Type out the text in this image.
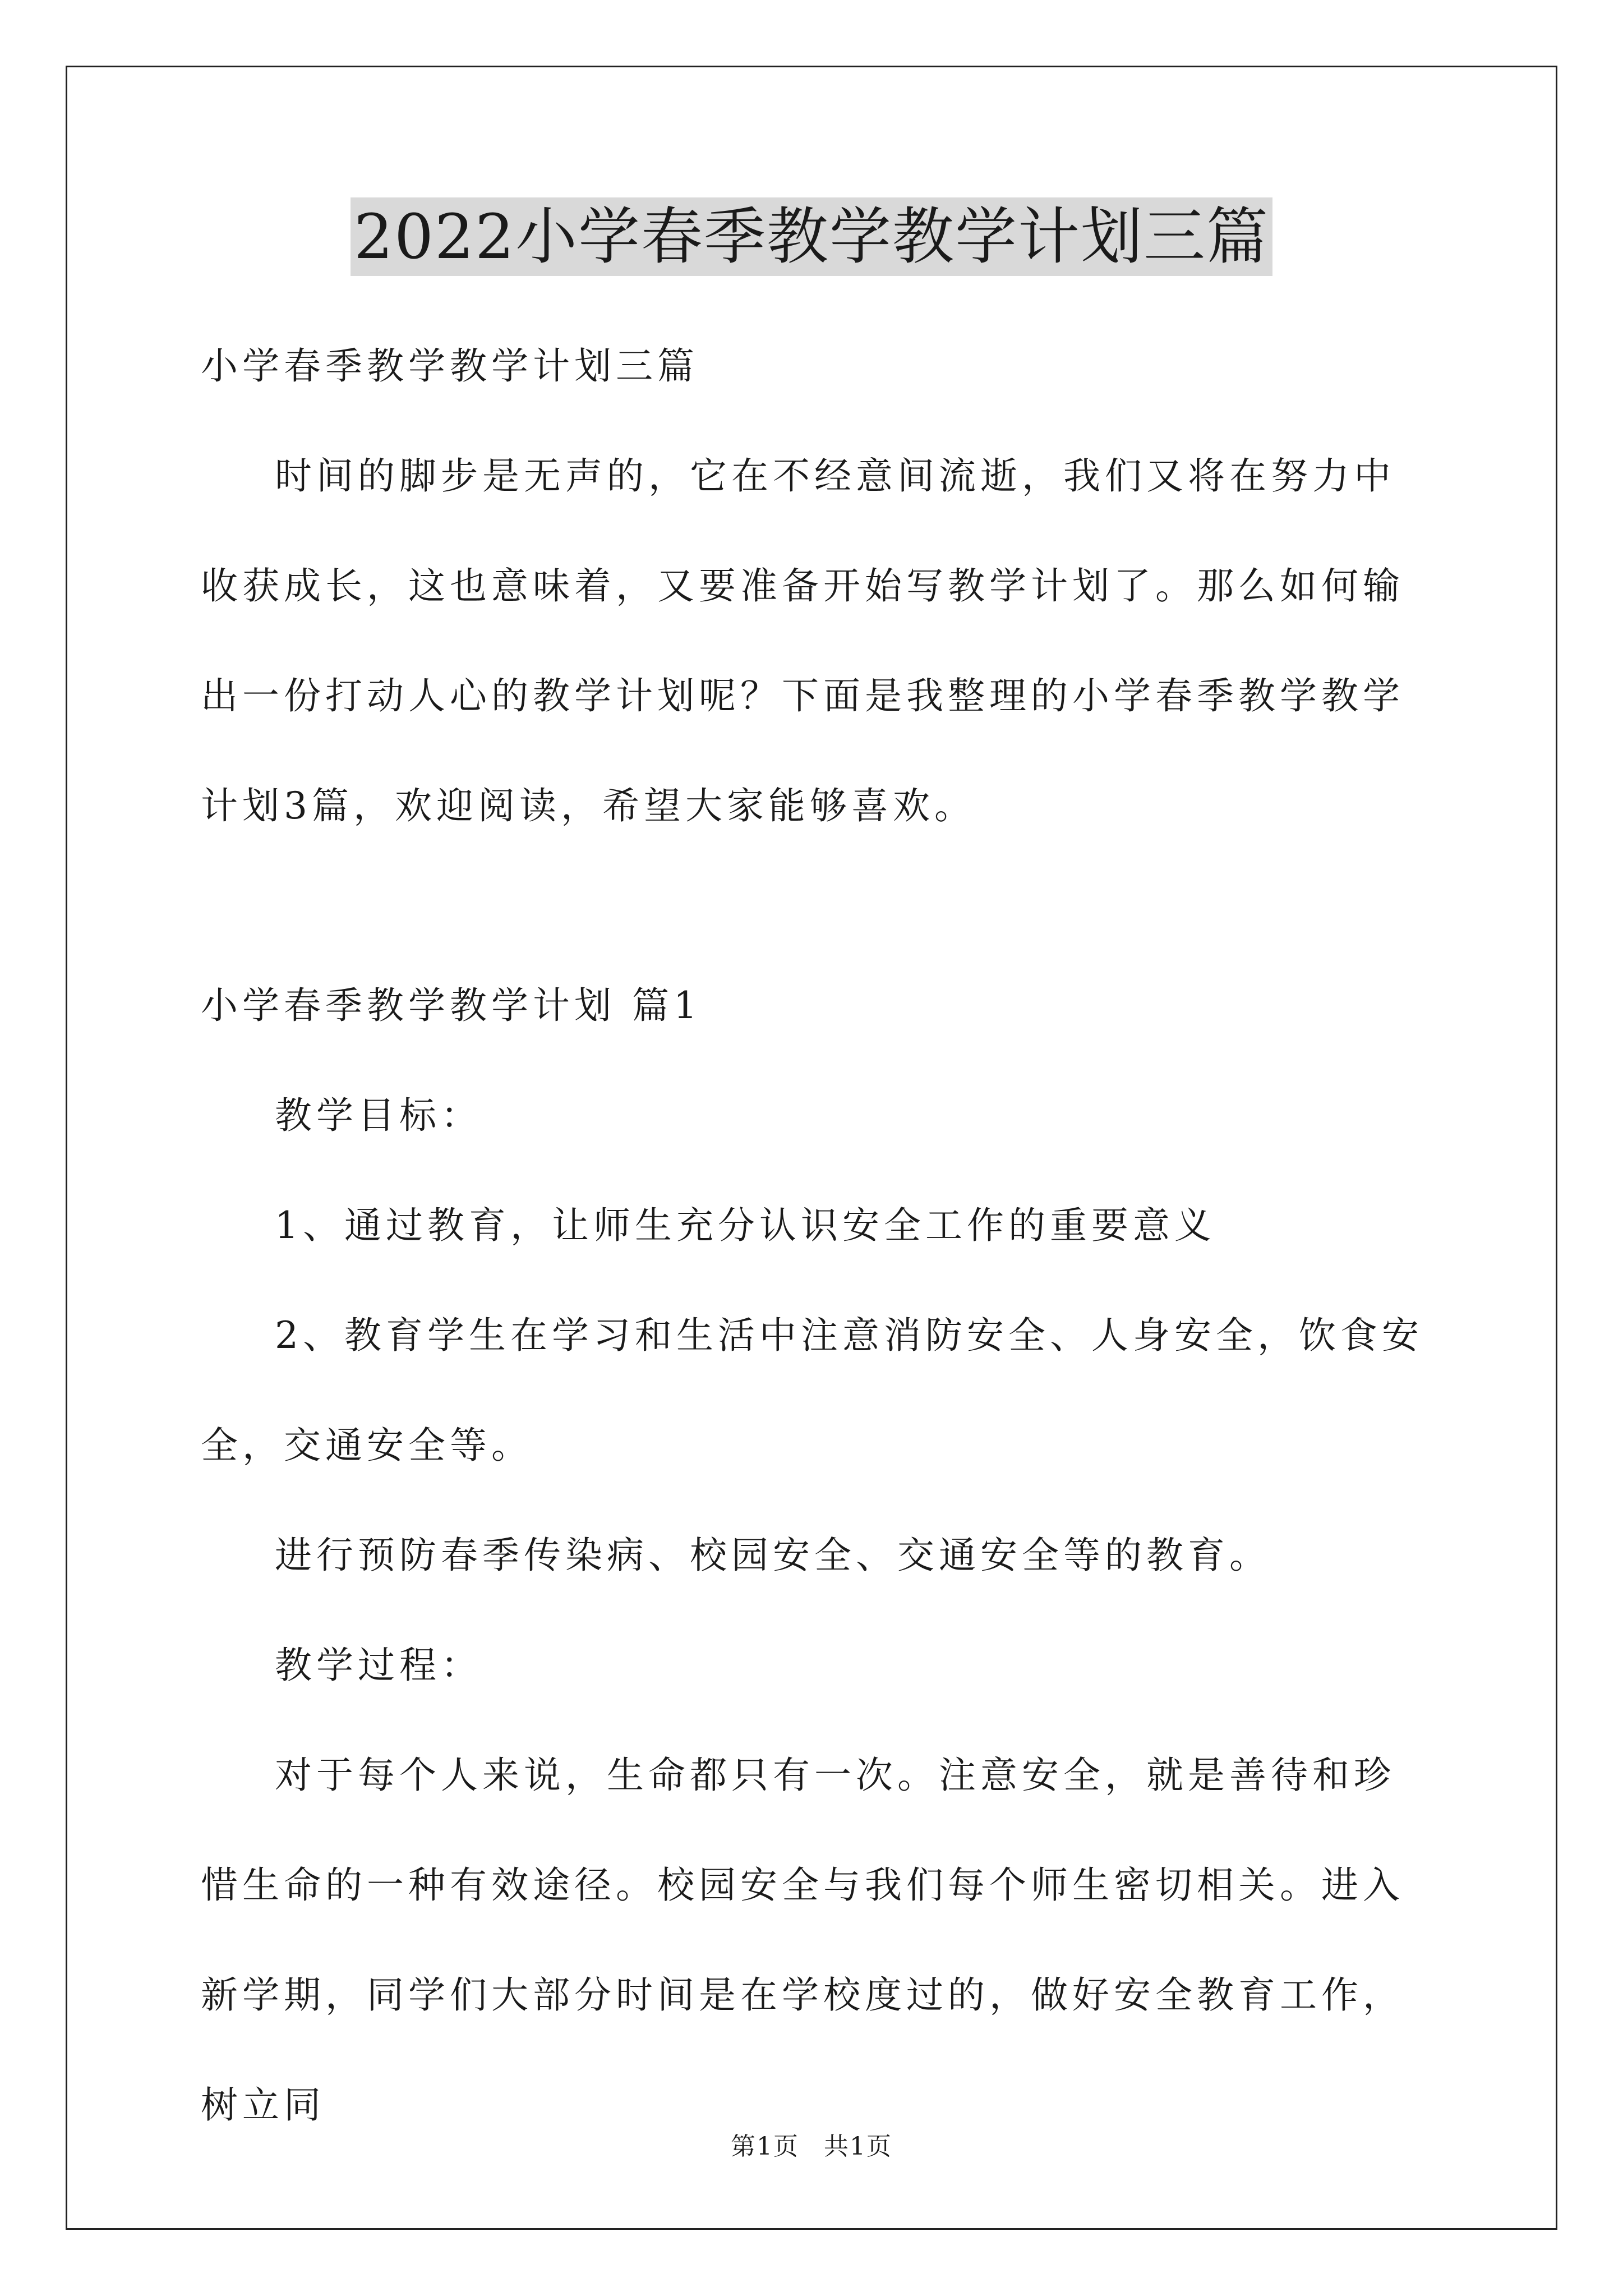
2022小学春季教学教学计划三篇

小学春季教学教学计划三篇

时间的脚步是无声的，它在不经意间流逝，我们又将在努力中收获成长，这也意味着，又要准备开始写教学计划了。那么如何输出一份打动人心的教学计划呢？下面是我整理的小学春季教学教学计划3篇，欢迎阅读，希望大家能够喜欢。

小学春季教学教学计划 篇1

教学目标：

1、通过教育，让师生充分认识安全工作的重要意义

2、教育学生在学习和生活中注意消防安全、人身安全，饮食安全，交通安全等。

进行预防春季传染病、校园安全、交通安全等的教育。

教学过程：

对于每个人来说，生命都只有一次。注意安全，就是善待和珍惜生命的一种有效途径。校园安全与我们每个师生密切相关。进入新学期，同学们大部分时间是在学校度过的，做好安全教育工作，树立同

第1页 共1页
